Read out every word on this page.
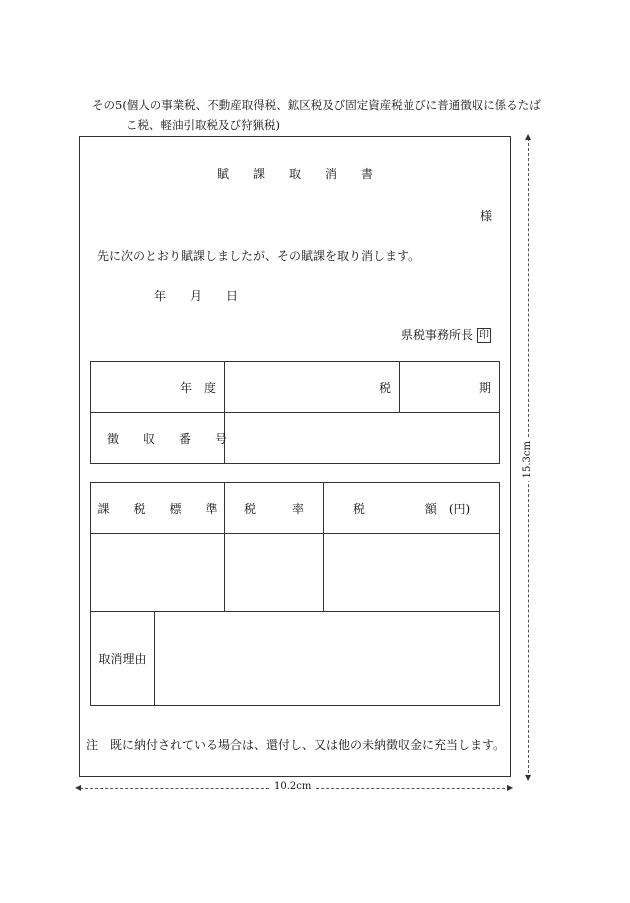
その5(個人の事業税、不動産取得税、鉱区税及び固定資産税並びに普通徴収に係るたば
こ税、軽油引取税及び狩猟税)
賦　　課　　取　　消　　書
様
先に次のとおり賦課しましたが、その賦課を取り消します。
年　　月　　日
県税事務所長 印
年　度	税	期
徴　　収　　番　　号		
課　　税　　標　　準		税　　　率	税　　　　　額　(円)

取消理由			
注　既に納付されている場合は、還付し、又は他の未納徴収金に充当します。
▲
▼
15.3cm
◀	▶
10.2cm
